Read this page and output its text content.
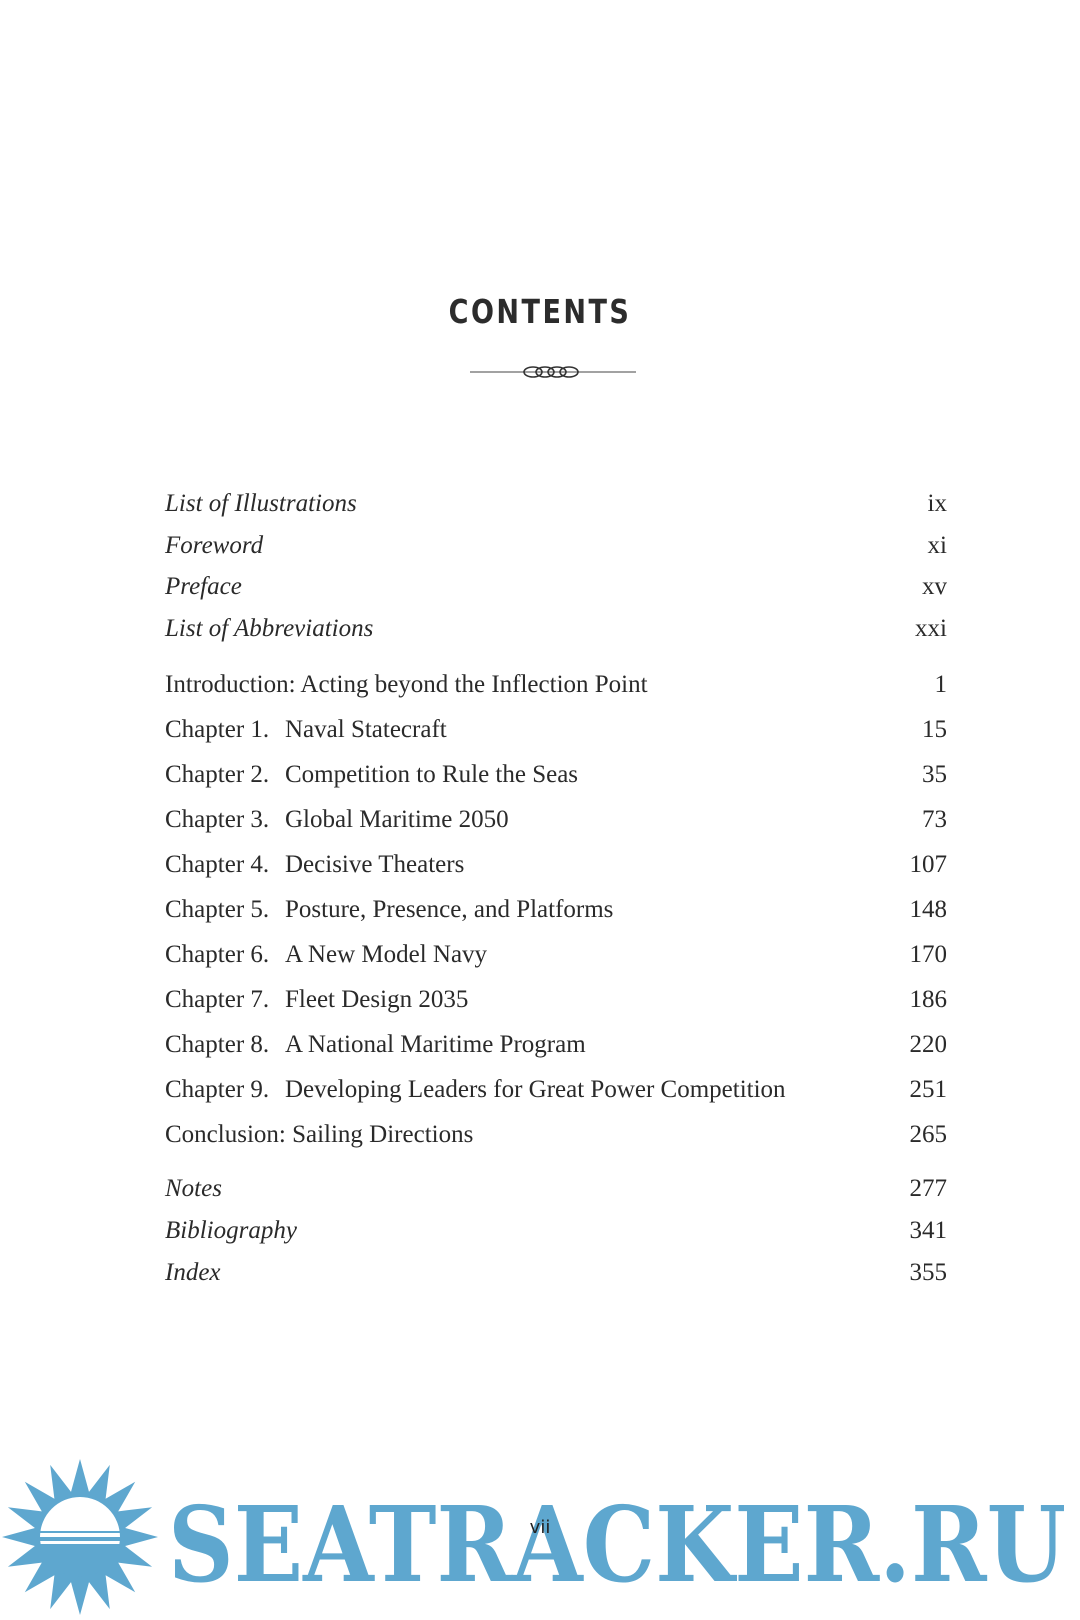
CONTENTS
List of Illustrations	ix
Foreword	xi
Preface	xv
List of Abbreviations	xxi
Introduction: Acting beyond the Inflection Point	1
Chapter 1. Naval Statecraft	15
Chapter 2. Competition to Rule the Seas	35
Chapter 3. Global Maritime 2050	73
Chapter 4. Decisive Theaters	107
Chapter 5. Posture, Presence, and Platforms	148
Chapter 6. A New Model Navy	170
Chapter 7. Fleet Design 2035	186
Chapter 8. A National Maritime Program	220
Chapter 9. Developing Leaders for Great Power Competition	251
Conclusion: Sailing Directions	265
Notes	277
Bibliography	341
Index	355
SEATRACKER.RU
vii
